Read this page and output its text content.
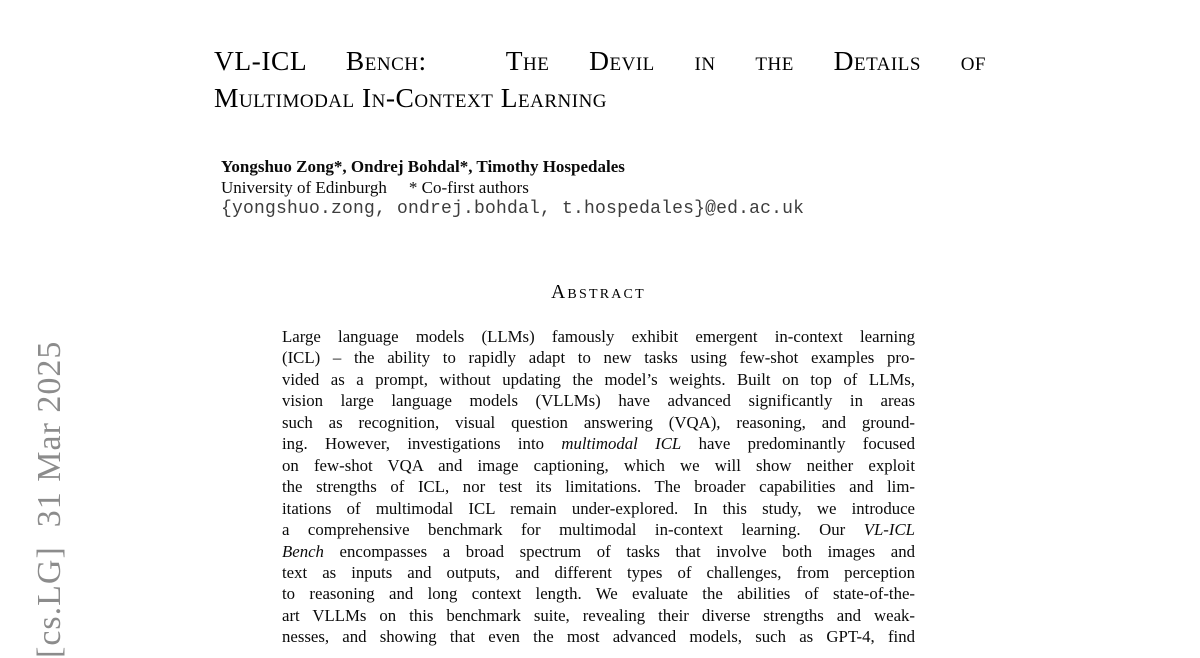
[cs.LG]  31 Mar 2025
VL-ICL Bench:  The Devil in the Details of
Multimodal In-Context Learning
Yongshuo Zong*, Ondrej Bohdal*, Timothy Hospedales
University of Edinburgh * Co-first authors
{yongshuo.zong, ondrej.bohdal, t.hospedales}@ed.ac.uk
Abstract
Large language models (LLMs) famously exhibit emergent in-context learning
(ICL) – the ability to rapidly adapt to new tasks using few-shot examples pro-
vided as a prompt, without updating the model’s weights. Built on top of LLMs,
vision large language models (VLLMs) have advanced significantly in areas
such as recognition, visual question answering (VQA), reasoning, and ground-
ing. However, investigations into multimodal ICL have predominantly focused
on few-shot VQA and image captioning, which we will show neither exploit
the strengths of ICL, nor test its limitations. The broader capabilities and lim-
itations of multimodal ICL remain under-explored. In this study, we introduce
a comprehensive benchmark for multimodal in-context learning. Our VL-ICL
Bench encompasses a broad spectrum of tasks that involve both images and
text as inputs and outputs, and different types of challenges, from perception
to reasoning and long context length. We evaluate the abilities of state-of-the-
art VLLMs on this benchmark suite, revealing their diverse strengths and weak-
nesses, and showing that even the most advanced models, such as GPT-4, find
